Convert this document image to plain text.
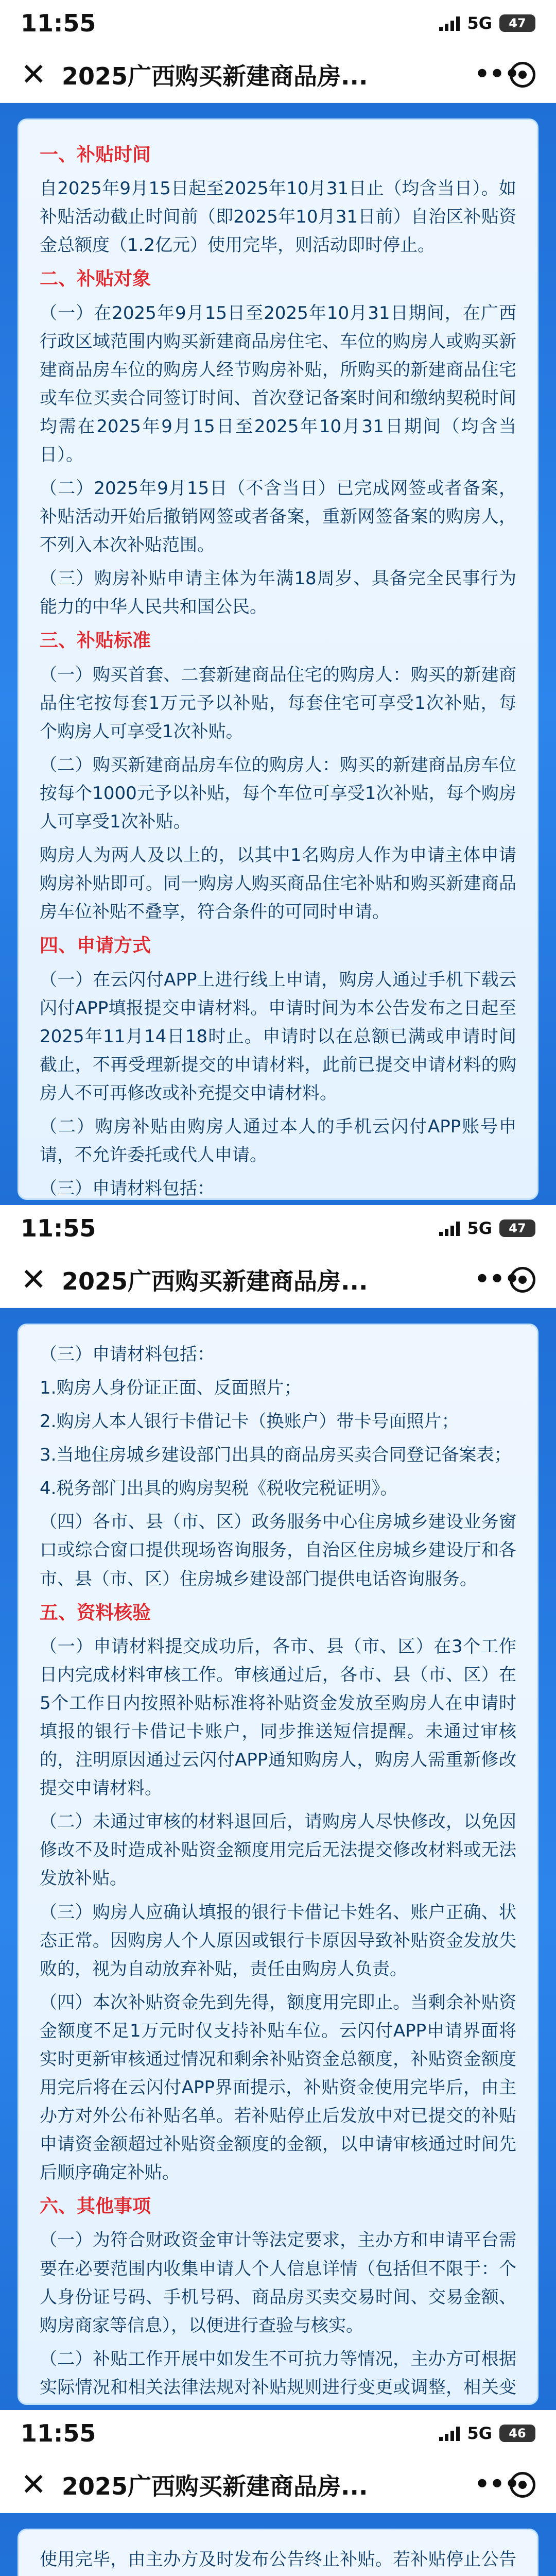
11:55	5G 47
✕ 2025广西购买新建商品房...	•••
一、补贴时间

自2025年9月15日起至2025年10月31日止（均含当日）。如补贴活动截止时间前（即2025年10月31日前）自治区补贴资金总额度（1.2亿元）使用完毕，则活动即时停止。

二、补贴对象

（一）在2025年9月15日至2025年10月31日期间，在广西行政区域范围内购买新建商品房住宅、车位的购房人或购买新建商品房车位的购房人经节购房补贴，所购买的新建商品住宅或车位买卖合同签订时间、首次登记备案时间和缴纳契税时间均需在2025年9月15日至2025年10月31日期间（均含当日）。

（二）2025年9月15日（不含当日）已完成网签或者备案，补贴活动开始后撤销网签或者备案，重新网签备案的购房人，不列入本次补贴范围。

（三）购房补贴申请主体为年满18周岁、具备完全民事行为能力的中华人民共和国公民。

三、补贴标准

（一）购买首套、二套新建商品住宅的购房人：购买的新建商品住宅按每套1万元予以补贴，每套住宅可享受1次补贴，每个购房人可享受1次补贴。

（二）购买新建商品房车位的购房人：购买的新建商品房车位按每个1000元予以补贴，每个车位可享受1次补贴，每个购房人可享受1次补贴。

购房人为两人及以上的，以其中1名购房人作为申请主体申请购房补贴即可。同一购房人购买商品住宅补贴和购买新建商品房车位补贴不叠享，符合条件的可同时申请。

四、申请方式

（一）在云闪付APP上进行线上申请，购房人通过手机下载云闪付APP填报提交申请材料。申请时间为本公告发布之日起至2025年11月14日18时止。申请时以在总额已满或申请时间截止，不再受理新提交的申请材料，此前已提交申请材料的购房人不可再修改或补充提交申请材料。

（二）购房补贴由购房人通过本人的手机云闪付APP账号申请，不允许委托或代人申请。

（三）申请材料包括：

11:55	5G 47
✕ 2025广西购买新建商品房...	•••

（三）申请材料包括：

1.购房人身份证正面、反面照片；

2.购房人本人银行卡借记卡（换账户）带卡号面照片；

3.当地住房城乡建设部门出具的商品房买卖合同登记备案表；

4.税务部门出具的购房契税《税收完税证明》。

（四）各市、县（市、区）政务服务中心住房城乡建设业务窗口或综合窗口提供现场咨询服务，自治区住房城乡建设厅和各市、县（市、区）住房城乡建设部门提供电话咨询服务。

五、资料核验

（一）申请材料提交成功后，各市、县（市、区）在3个工作日内完成材料审核工作。审核通过后，各市、县（市、区）在5个工作日内按照补贴标准将补贴资金发放至购房人在申请时填报的银行卡借记卡账户，同步推送短信提醒。未通过审核的，注明原因通过云闪付APP通知购房人，购房人需重新修改提交申请材料。

（二）未通过审核的材料退回后，请购房人尽快修改，以免因修改不及时造成补贴资金额度用完后无法提交修改材料或无法发放补贴。

（三）购房人应确认填报的银行卡借记卡姓名、账户正确、状态正常。因购房人个人原因或银行卡原因导致补贴资金发放失败的，视为自动放弃补贴，责任由购房人负责。

（四）本次补贴资金先到先得，额度用完即止。当剩余补贴资金额度不足1万元时仅支持补贴车位。云闪付APP申请界面将实时更新审核通过情况和剩余补贴资金总额度，补贴资金额度用完后将在云闪付APP界面提示，补贴资金使用完毕后，由主办方对外公布补贴名单。若补贴停止后发放中对已提交的补贴申请资金额超过补贴资金额度的金额，以申请审核通过时间先后顺序确定补贴。

六、其他事项

（一）为符合财政资金审计等法定要求，主办方和申请平台需要在必要范围内收集申请人个人信息详情（包括但不限于：个人身份证号码、手机号码、商品房买卖交易时间、交易金额、购房商家等信息），以便进行查验与核实。

（二）补贴工作开展中如发生不可抗力等情况，主办方可根据实际情况和相关法律法规对补贴规则进行变更或调整，相关变

11:55	5G 46
✕ 2025广西购买新建商品房...	•••

使用完毕，由主办方及时发布公告终止补贴。若补贴停止公告
